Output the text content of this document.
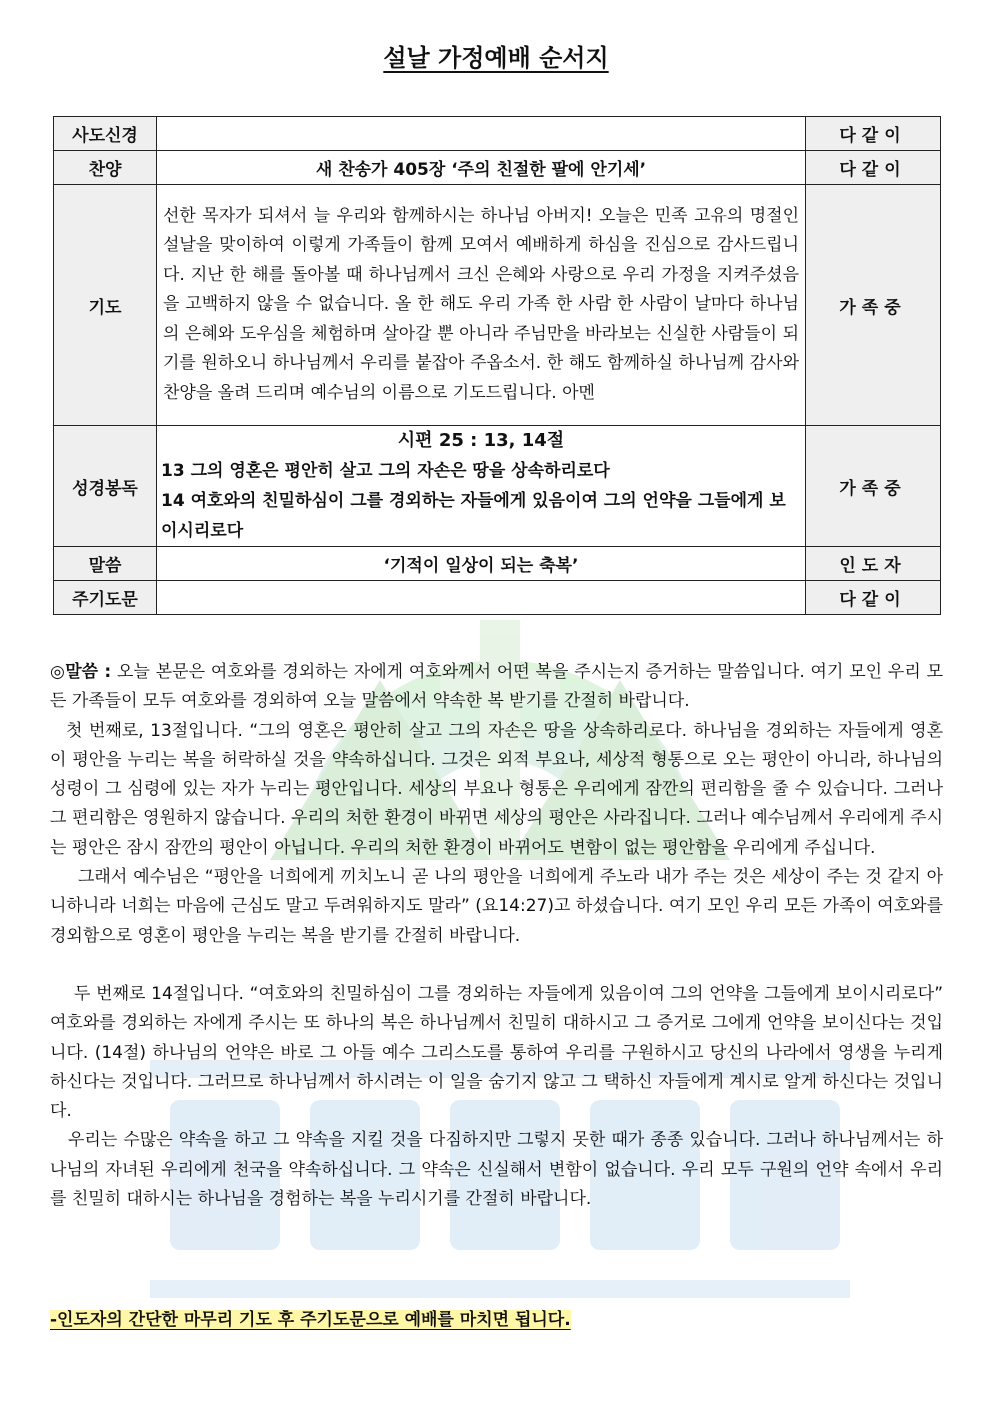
설날 가정예배 순서지
사도신경		다같이
찬양	새 찬송가 405장 ‘주의 친절한 팔에 안기세’	다같이
기도	선한 목자가 되셔서 늘 우리와 함께하시는 하나님 아버지! 오늘은 민족 고유의 명절인 설날을 맞이하여 이렇게 가족들이 함께 모여서 예배하게 하심을 진심으로 감사드립니다. 지난 한 해를 돌아볼 때 하나님께서 크신 은혜와 사랑으로 우리 가정을 지켜주셨음을 고백하지 않을 수 없습니다. 올 한 해도 우리 가족 한 사람 한 사람이 날마다 하나님의 은혜와 도우심을 체험하며 살아갈 뿐 아니라 주님만을 바라보는 신실한 사람들이 되기를 원하오니 하나님께서 우리를 붙잡아 주옵소서. 한 해도 함께하실 하나님께 감사와 찬양을 올려 드리며 예수님의 이름으로 기도드립니다. 아멘	가족중
성경봉독	시편 25 : 13, 14절
13 그의 영혼은 평안히 살고 그의 자손은 땅을 상속하리로다
14 여호와의 친밀하심이 그를 경외하는 자들에게 있음이여 그의 언약을 그들에게 보이시리로다	가족중
말씀	‘기적이 일상이 되는 축복’	인도자
주기도문		다같이

◎말씀 : 오늘 본문은 여호와를 경외하는 자에게 여호와께서 어떤 복을 주시는지 증거하는 말씀입니다. 여기 모인 우리 모든 가족들이 모두 여호와를 경외하여 오늘 말씀에서 약속한 복 받기를 간절히 바랍니다.

첫 번째로, 13절입니다. “그의 영혼은 평안히 살고 그의 자손은 땅을 상속하리로다. 하나님을 경외하는 자들에게 영혼이 평안을 누리는 복을 허락하실 것을 약속하십니다. 그것은 외적 부요나, 세상적 형통으로 오는 평안이 아니라, 하나님의 성령이 그 심령에 있는 자가 누리는 평안입니다. 세상의 부요나 형통은 우리에게 잠깐의 편리함을 줄 수 있습니다. 그러나 그 편리함은 영원하지 않습니다. 우리의 처한 환경이 바뀌면 세상의 평안은 사라집니다. 그러나 예수님께서 우리에게 주시는 평안은 잠시 잠깐의 평안이 아닙니다. 우리의 처한 환경이 바뀌어도 변함이 없는 평안함을 우리에게 주십니다.

그래서 예수님은 “평안을 너희에게 끼치노니 곧 나의 평안을 너희에게 주노라 내가 주는 것은 세상이 주는 것 같지 아니하니라 너희는 마음에 근심도 말고 두려워하지도 말라” (요14:27)고 하셨습니다. 여기 모인 우리 모든 가족이 여호와를 경외함으로 영혼이 평안을 누리는 복을 받기를 간절히 바랍니다.

두 번째로 14절입니다. “여호와의 친밀하심이 그를 경외하는 자들에게 있음이여 그의 언약을 그들에게 보이시리로다” 여호와를 경외하는 자에게 주시는 또 하나의 복은 하나님께서 친밀히 대하시고 그 증거로 그에게 언약을 보이신다는 것입니다. (14절) 하나님의 언약은 바로 그 아들 예수 그리스도를 통하여 우리를 구원하시고 당신의 나라에서 영생을 누리게 하신다는 것입니다. 그러므로 하나님께서 하시려는 이 일을 숨기지 않고 그 택하신 자들에게 계시로 알게 하신다는 것입니다.

우리는 수많은 약속을 하고 그 약속을 지킬 것을 다짐하지만 그렇지 못한 때가 종종 있습니다. 그러나 하나님께서는 하나님의 자녀된 우리에게 천국을 약속하십니다. 그 약속은 신실해서 변함이 없습니다. 우리 모두 구원의 언약 속에서 우리를 친밀히 대하시는 하나님을 경험하는 복을 누리시기를 간절히 바랍니다.

-인도자의 간단한 마무리 기도 후 주기도문으로 예배를 마치면 됩니다.
